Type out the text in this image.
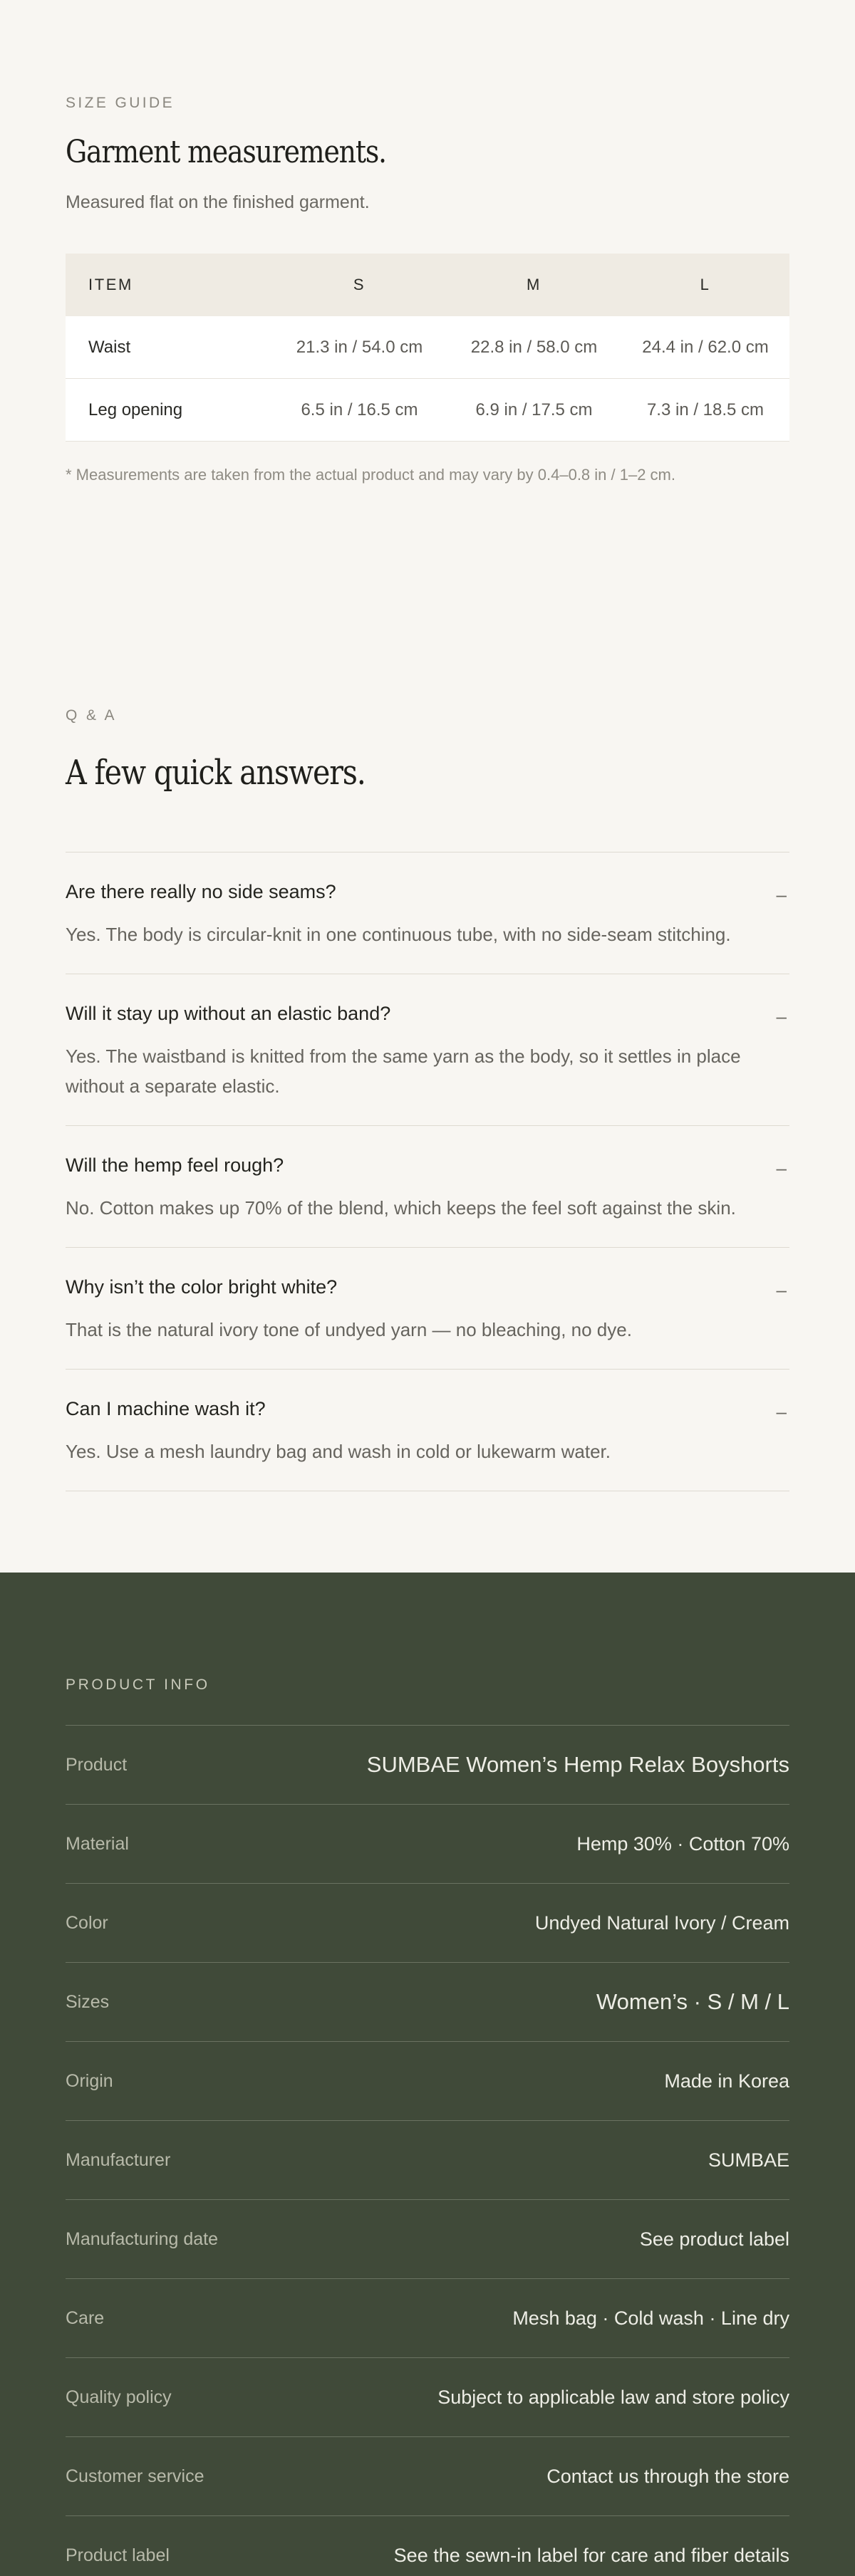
SIZE GUIDE
Garment measurements.

Measured flat on the finished garment.

ITEM	S	M	L
Waist	21.3 in / 54.0 cm	22.8 in / 58.0 cm	24.4 in / 62.0 cm
Leg opening	6.5 in / 16.5 cm	6.9 in / 17.5 cm	7.3 in / 18.5 cm

* Measurements are taken from the actual product and may vary by 0.4–0.8 in / 1–2 cm.

Q & A
A few quick answers.
Are there really no side seams?	–
Yes. The body is circular-knit in one continuous tube, with no side-seam stitching.
Will it stay up without an elastic band?	–
Yes. The waistband is knitted from the same yarn as the body, so it settles in place without a separate elastic.
Will the hemp feel rough?	–
No. Cotton makes up 70% of the blend, which keeps the feel soft against the skin.
Why isn’t the color bright white?	–
That is the natural ivory tone of undyed yarn — no bleaching, no dye.
Can I machine wash it?	–
Yes. Use a mesh laundry bag and wash in cold or lukewarm water.
PRODUCT INFO
Product	SUMBAE Women’s Hemp Relax Boyshorts
Material	Hemp 30% · Cotton 70%
Color	Undyed Natural Ivory / Cream
Sizes	Women’s · S / M / L
Origin	Made in Korea
Manufacturer	SUMBAE
Manufacturing date	See product label
Care	Mesh bag · Cold wash · Line dry
Quality policy	Subject to applicable law and store policy
Customer service	Contact us through the store
Product label	See the sewn-in label for care and fiber details
